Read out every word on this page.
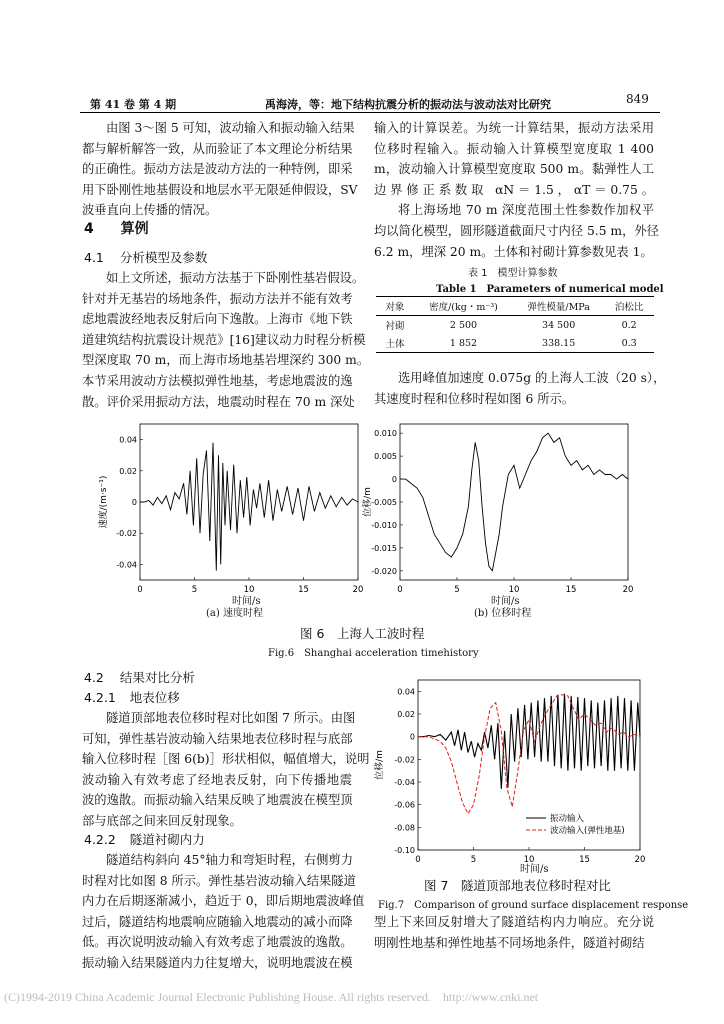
第 41 卷 第 4 期	禹海涛，等：地下结构抗震分析的振动法与波动法对比研究	849
由图 3～图 5 可知，波动输入和振动输入结果
都与解析解答一致，从而验证了本文理论分析结果
的正确性。振动方法是波动方法的一种特例，即采
用下卧刚性地基假设和地层水平无限延伸假设，SV
波垂直向上传播的情况。
4 算例
4.1 分析模型及参数
如上文所述，振动方法基于下卧刚性基岩假设。
针对并无基岩的场地条件，振动方法并不能有效考
虑地震波经地表反射后向下逸散。上海市《地下铁
道建筑结构抗震设计规范》[16]建议动力时程分析模
型深度取 70 m，而上海市场地基岩埋深约 300 m。
本节采用波动方法模拟弹性地基，考虑地震波的逸
散。评价采用振动方法，地震动时程在 70 m 深处
输入的计算误差。为统一计算结果，振动方法采用
位移时程输入。振动输入计算模型宽度取 1 400
m，波动输入计算模型宽度取 500 m。黏弹性人工
边界修正系数取 αN＝1.5，αT＝0.75。
将上海场地 70 m 深度范围土性参数作加权平
均以简化模型，圆形隧道截面尺寸内径 5.5 m，外径
6.2 m，埋深 20 m。土体和衬砌计算参数见表 1。
表 1　模型计算参数
Table 1　Parameters of numerical model
对象	密度/(kg・m⁻³)	弹性模量/MPa	泊松比
衬砌	2 500	34 500	0.2
土体	1 852	338.15	0.3
选用峰值加速度 0.075g 的上海人工波（20 s），
其速度时程和位移时程如图 6 所示。
0	5	10	15	20
0.04
0.02
0
-0.02
-0.04
速度/(m·s⁻¹)
0	5	10	15	20
0.010
0.005
0
-0.005
-0.010
-0.015
-0.020
位移/m
时间/s
(a) 速度时程
时间/s
(b) 位移时程
图 6　上海人工波时程
Fig.6　Shanghai acceleration timehistory
4.2 结果对比分析
4.2.1 地表位移
隧道顶部地表位移时程对比如图 7 所示。由图
可知，弹性基岩波动输入结果地表位移时程与底部
输入位移时程［图 6(b)］形状相似，幅值增大，说明
波动输入有效考虑了经地表反射，向下传播地震
波的逸散。而振动输入结果反映了地震波在模型顶
部与底部之间来回反射现象。
4.2.2 隧道衬砌内力
隧道结构斜向 45°轴力和弯矩时程，右侧剪力
时程对比如图 8 所示。弹性基岩波动输入结果隧道
内力在后期逐渐减小，趋近于 0，即后期地震波峰值
过后，隧道结构地震响应随输入地震动的减小而降
低。再次说明波动输入有效考虑了地震波的逸散。
振动输入结果隧道内力往复增大，说明地震波在模
0	5	10	15	20
0.04
0.02
0
-0.02
-0.04
-0.06
-0.08
-0.10
位移/m
振动输入
波动输入(弹性地基)
时间/s
图 7　隧道顶部地表位移时程对比
Fig.7　Comparison of ground surface displacement response
型上下来回反射增大了隧道结构内力响应。充分说
明刚性地基和弹性地基不同场地条件，隧道衬砌结
(C)1994-2019 China Academic Journal Electronic Publishing House. All rights reserved.　http://www.cnki.net
